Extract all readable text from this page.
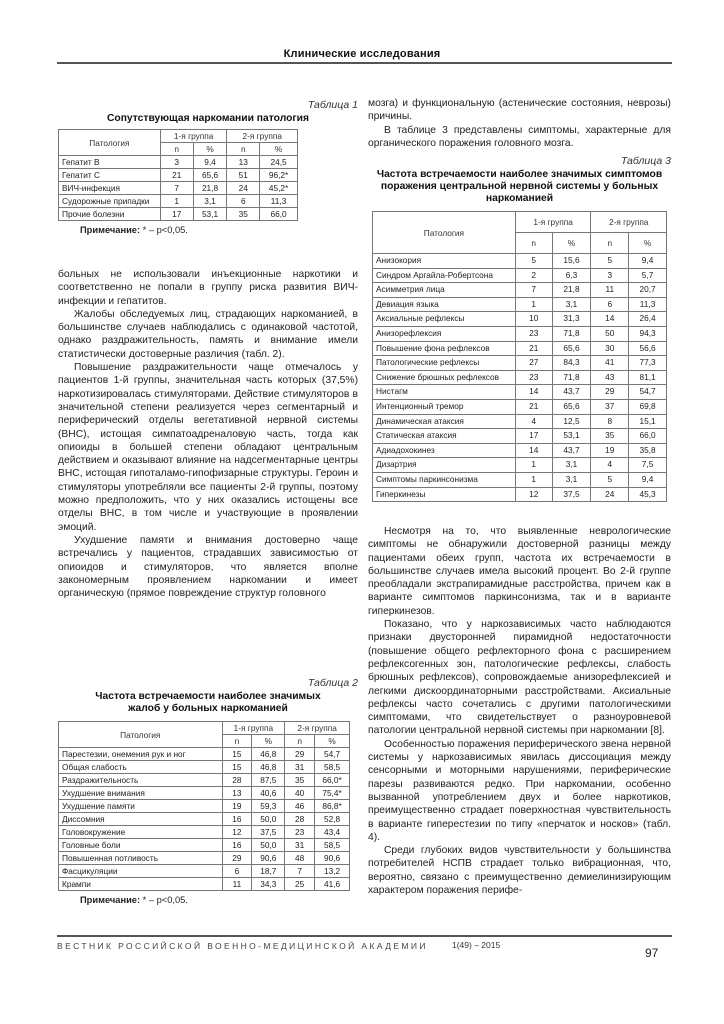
Клинические исследования
Таблица 1
Сопутствующая наркомании патология
Патология	1-я группа		2-я группа	
	n	%	n	%
Гепатит В	3	9,4	13	24,5
Гепатит С	21	65,6	51	96,2*
ВИЧ-инфекция	7	21,8	24	45,2*
Судорожные припадки	1	3,1	6	11,3
Прочие болезни	17	53,1	35	66,0
Примечание: * – p<0,05.

больных не использовали инъекционные наркотики и соответственно не попали в группу риска развития ВИЧ-инфекции и гепатитов.

Жалобы обследуемых лиц, страдающих наркоманией, в большинстве случаев наблюдались с одинаковой частотой, однако раздражительность, память и внимание имели статистически достоверные различия (табл. 2).

Повышение раздражительности чаще отмечалось у пациентов 1-й группы, значительная часть которых (37,5%) наркотизировалась стимуляторами. Действие стимуляторов в значительной степени реализуется через сегментарный и периферический отделы вегетативной нервной системы (ВНС), истощая симпатоадреналовую часть, тогда как опиоиды в большей степени обладают центральным действием и оказывают влияние на надсегментарные центры ВНС, истощая гипоталамо-гипофизарные структуры. Героин и стимуляторы употребляли все пациенты 2-й группы, поэтому можно предположить, что у них оказались истощены все отделы ВНС, в том числе и участвующие в проявлении эмоций.

Ухудшение памяти и внимания достоверно чаще встречались у пациентов, страдавших зависимостью от опиоидов и стимуляторов, что является вполне закономерным проявлением наркомании и имеет органическую (прямое повреждение структур головного

Таблица 2
Частота встречаемости наиболее значимых жалоб у больных наркоманией
Патология	1-я группа		2-я группа	
	n	%	n	%
Парестезии, онемения рук и ног	15	46,8	29	54,7
Общая слабость	15	46,8	31	58,5
Раздражительность	28	87,5	35	66,0*
Ухудшение внимания	13	40,6	40	75,4*
Ухудшение памяти	19	59,3	46	86,8*
Диссомния	16	50,0	28	52,8
Головокружение	12	37,5	23	43,4
Головные боли	16	50,0	31	58,5
Повышенная потливость	29	90,6	48	90,6
Фасцикуляции	6	18,7	7	13,2
Крампи	11	34,3	25	41,6
Примечание: * – p<0,05.

мозга) и функциональную (астенические состояния, неврозы) причины.

В таблице 3 представлены симптомы, характерные для органического поражения головного мозга.

Таблица 3
Частота встречаемости наиболее значимых симптомов поражения центральной нервной системы у больных наркоманией
Патология	1-я группа		2-я группа	
	n	%	n	%
Анизокория	5	15,6	5	9,4
Синдром Аргайла-Робертсона	2	6,3	3	5,7
Асимметрия лица	7	21,8	11	20,7
Девиация языка	1	3,1	6	11,3
Аксиальные рефлексы	10	31,3	14	26,4
Анизорефлексия	23	71,8	50	94,3
Повышение фона рефлексов	21	65,6	30	56,6
Патологические рефлексы	27	84,3	41	77,3
Снижение брюшных рефлексов	23	71,8	43	81,1
Нистагм	14	43,7	29	54,7
Интенционный тремор	21	65,6	37	69,8
Динамическая атаксия	4	12,5	8	15,1
Статическая атаксия	17	53,1	35	66,0
Адиадохокинез	14	43,7	19	35,8
Дизартрия	1	3,1	4	7,5
Симптомы паркинсонизма	1	3,1	5	9,4
Гиперкинезы	12	37,5	24	45,3

Несмотря на то, что выявленные неврологические симптомы не обнаружили достоверной разницы между пациентами обеих групп, частота их встречаемости в большинстве случаев имела высокий процент. Во 2-й группе преобладали экстрапирамидные расстройства, причем как в варианте симптомов паркинсонизма, так и в варианте гиперкинезов.

Показано, что у наркозависимых часто наблюдаются признаки двусторонней пирамидной недостаточности (повышение общего рефлекторного фона с расширением рефлексогенных зон, патологические рефлексы, слабость брюшных рефлексов), сопровождаемые анизорефлексией и легкими дискоординаторными расстройствами. Аксиальные рефлексы часто сочетались с другими патологическими симптомами, что свидетельствует о разноуровневой патологии центральной нервной системы при наркомании [8].

Особенностью поражения периферического звена нервной системы у наркозависимых явилась диссоциация между сенсорными и моторными нарушениями, периферические парезы развиваются редко. При наркомании, особенно вызванной употреблением двух и более наркотиков, преимущественно страдает поверхностная чувствительность в варианте гиперестезии по типу «перчаток и носков» (табл. 4).

Среди глубоких видов чувствительности у большинства потребителей НСПВ страдает только вибрационная, что, вероятно, связано с преимущественно демиелинизирующим характером поражения перифе-

ВЕСТНИК РОССИЙСКОЙ ВОЕННО-МЕДИЦИНСКОЙ АКАДЕМИИ	1(49) – 2015
97
